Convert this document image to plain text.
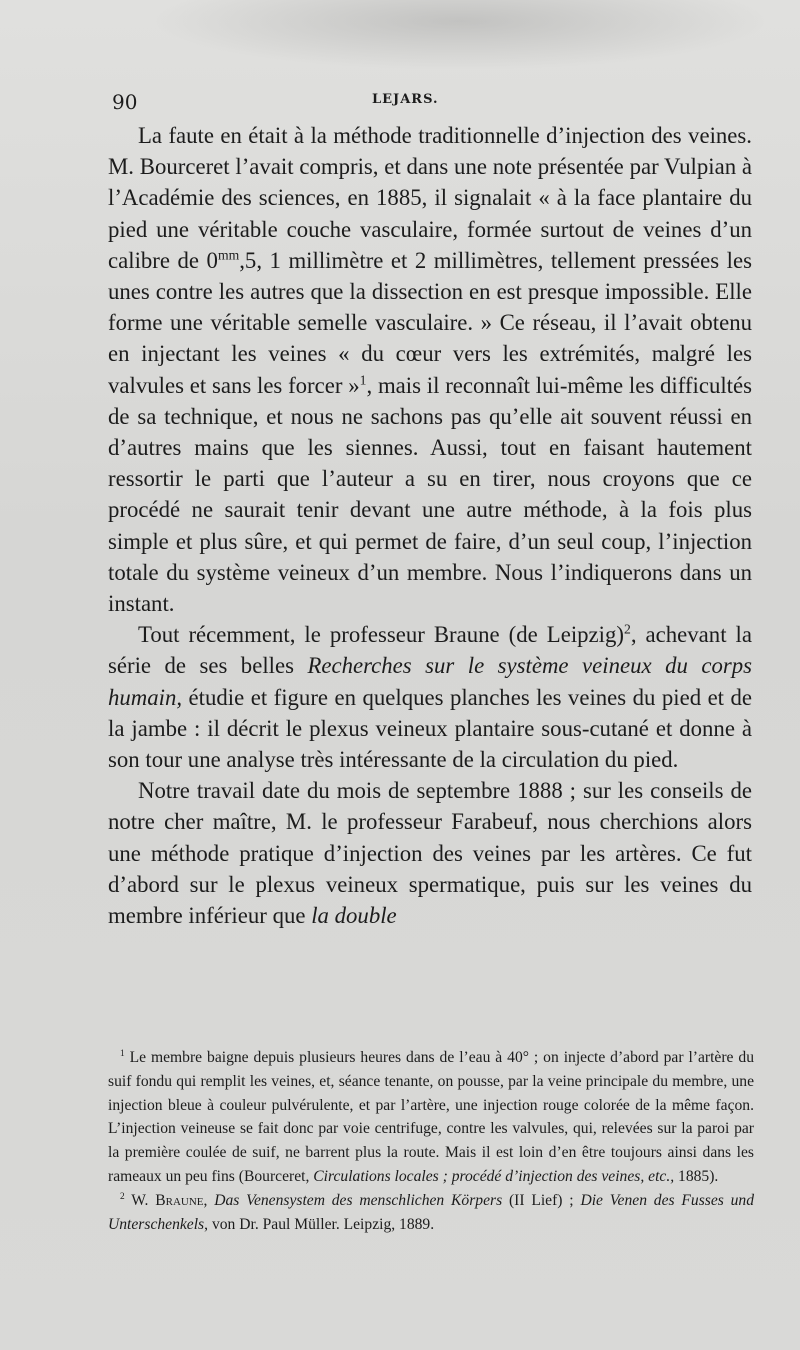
90	LEJARS.

La faute en était à la méthode traditionnelle d’injection des veines. M. Bourceret l’avait compris, et dans une note présentée par Vulpian à l’Académie des sciences, en 1885, il signalait « à la face plantaire du pied une véritable couche vasculaire, formée surtout de veines d’un calibre de $0^{mm},5$, 1 millimètre et 2 millimètres, tellement pressées les unes contre les autres que la dissection en est presque impossible. Elle forme une véritable semelle vasculaire. » Ce réseau, il l’avait obtenu en injectant les veines « du cœur vers les extrémités, malgré les valvules et sans les forcer »$^1$, mais il reconnaît lui-même les difficultés de sa technique, et nous ne sachons pas qu’elle ait souvent réussi en d’autres mains que les siennes. Aussi, tout en faisant hautement ressortir le parti que l’auteur a su en tirer, nous croyons que ce procédé ne saurait tenir devant une autre méthode, à la fois plus simple et plus sûre, et qui permet de faire, d’un seul coup, l’injection totale du système veineux d’un membre. Nous l’indiquerons dans un instant.

Tout récemment, le professeur Braune (de Leipzig)$^2$, achevant la série de ses belles Recherches sur le système veineux du corps humain, étudie et figure en quelques planches les veines du pied et de la jambe : il décrit le plexus veineux plantaire sous-cutané et donne à son tour une analyse très intéressante de la circulation du pied.

Notre travail date du mois de septembre 1888 ; sur les conseils de notre cher maître, M. le professeur Farabeuf, nous cherchions alors une méthode pratique d’injection des veines par les artères. Ce fut d’abord sur le plexus veineux spermatique, puis sur les veines du membre inférieur que la double

$^1$ Le membre baigne depuis plusieurs heures dans de l’eau à 40° ; on injecte d’abord par l’artère du suif fondu qui remplit les veines, et, séance tenante, on pousse, par la veine principale du membre, une injection bleue à couleur pulvérulente, et par l’artère, une injection rouge colorée de la même façon. L’injection veineuse se fait donc par voie centrifuge, contre les valvules, qui, relevées sur la paroi par la première coulée de suif, ne barrent plus la route. Mais il est loin d’en être toujours ainsi dans les rameaux un peu fins (Bourceret, Circulations locales ; procédé d’injection des veines, etc., 1885).

$^2$ W. Braune, Das Venensystem des menschlichen Körpers (II Lief) ; Die Venen des Fusses und Unterschenkels, von Dr. Paul Müller. Leipzig, 1889.
